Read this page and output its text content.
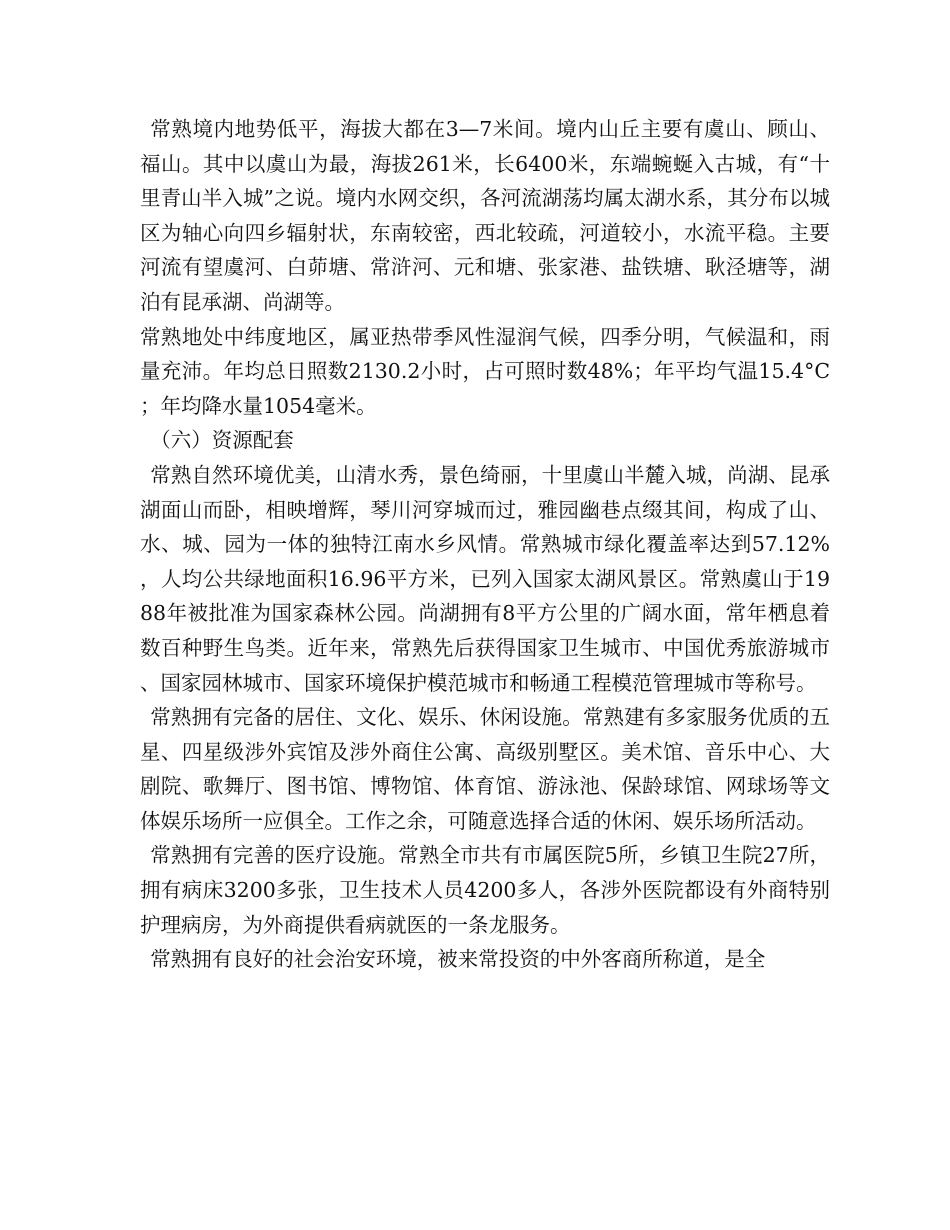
常熟境内地势低平，海拔大都在3—7米间。境内山丘主要有虞山、顾山、福山。其中以虞山为最，海拔261米，长6400米，东端蜿蜒入古城，有“十里青山半入城”之说。境内水网交织，各河流湖荡均属太湖水系，其分布以城区为轴心向四乡辐射状，东南较密，西北较疏，河道较小，水流平稳。主要河流有望虞河、白茆塘、常浒河、元和塘、张家港、盐铁塘、耿泾塘等，湖泊有昆承湖、尚湖等。

常熟地处中纬度地区，属亚热带季风性湿润气候，四季分明，气候温和，雨量充沛。年均总日照数2130.2小时，占可照时数48%；年平均气温15.4°C；年均降水量1054毫米。

（六）资源配套

常熟自然环境优美，山清水秀，景色绮丽，十里虞山半麓入城，尚湖、昆承湖面山而卧，相映增辉，琴川河穿城而过，雅园幽巷点缀其间，构成了山、水、城、园为一体的独特江南水乡风情。常熟城市绿化覆盖率达到57.12%，人均公共绿地面积16.96平方米，已列入国家太湖风景区。常熟虞山于1988年被批准为国家森林公园。尚湖拥有8平方公里的广阔水面，常年栖息着数百种野生鸟类。近年来，常熟先后获得国家卫生城市、中国优秀旅游城市、国家园林城市、国家环境保护模范城市和畅通工程模范管理城市等称号。

常熟拥有完备的居住、文化、娱乐、休闲设施。常熟建有多家服务优质的五星、四星级涉外宾馆及涉外商住公寓、高级别墅区。美术馆、音乐中心、大剧院、歌舞厅、图书馆、博物馆、体育馆、游泳池、保龄球馆、网球场等文体娱乐场所一应俱全。工作之余，可随意选择合适的休闲、娱乐场所活动。

常熟拥有完善的医疗设施。常熟全市共有市属医院5所，乡镇卫生院27所，拥有病床3200多张，卫生技术人员4200多人，各涉外医院都设有外商特别护理病房，为外商提供看病就医的一条龙服务。

常熟拥有良好的社会治安环境，被来常投资的中外客商所称道，是全
